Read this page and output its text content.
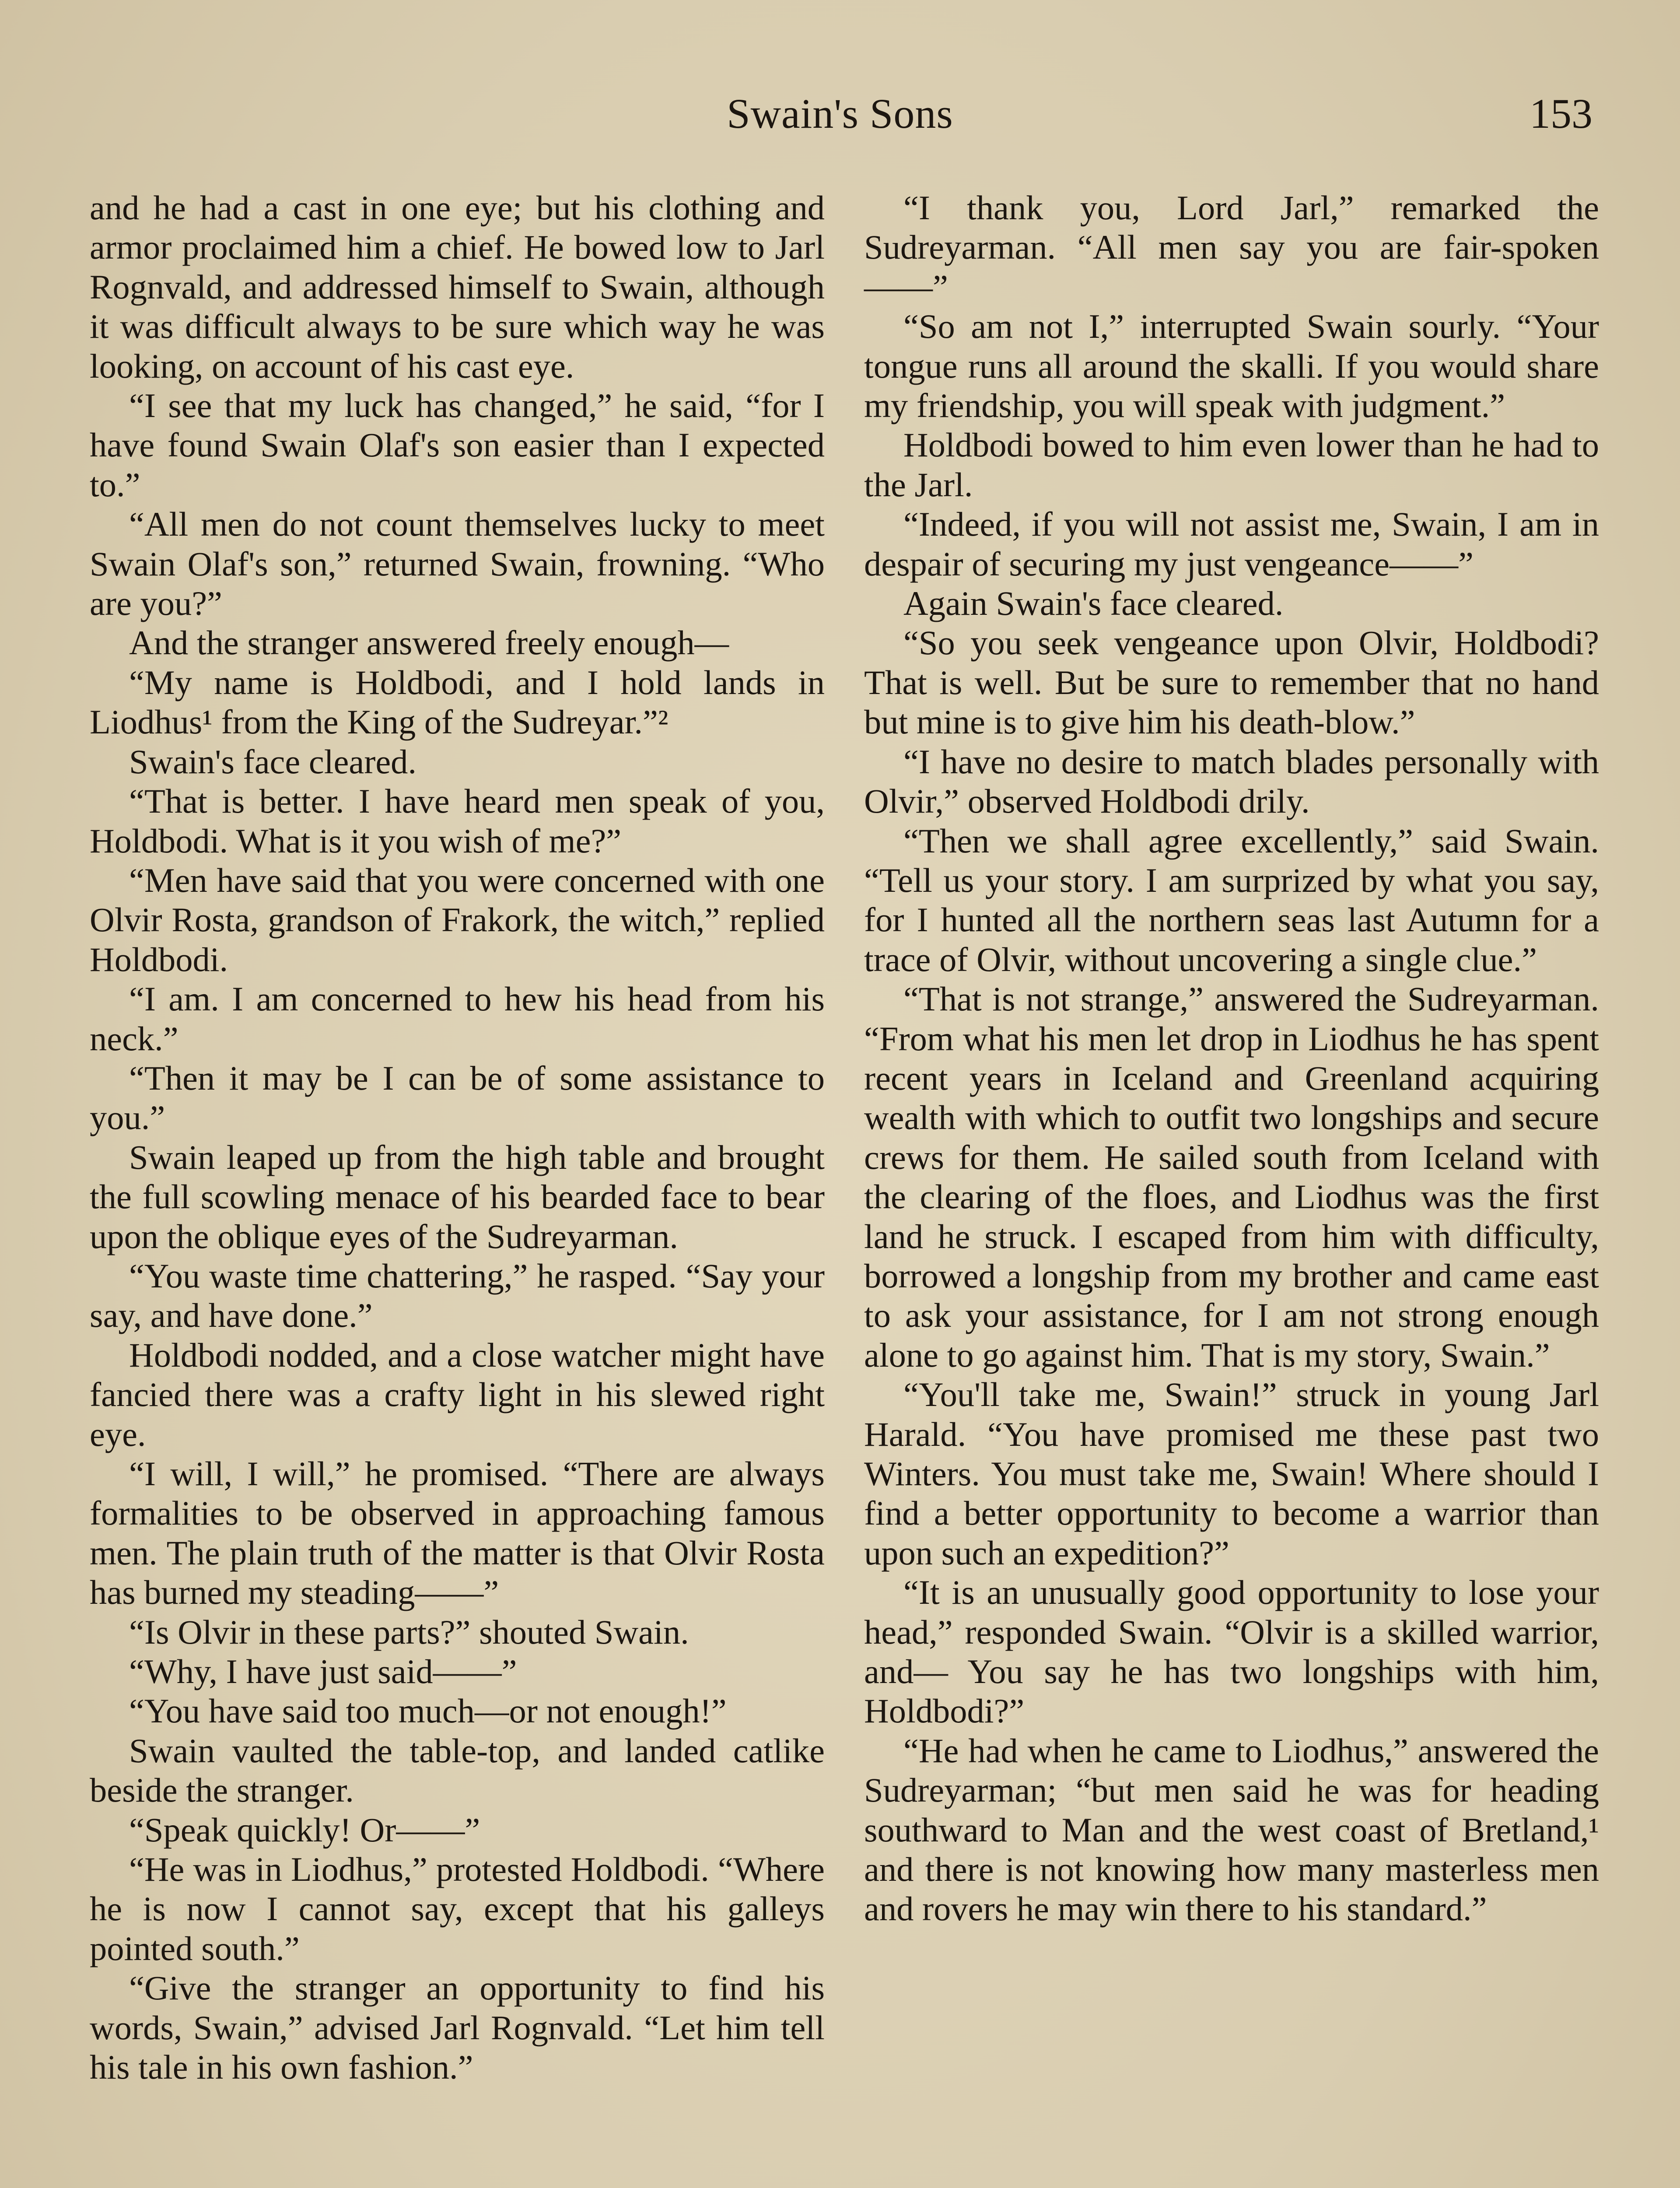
Swain's Sons	153

and he had a cast in one eye; but his clothing and armor proclaimed him a chief. He bowed low to Jarl Rognvald, and addressed himself to Swain, although it was difficult always to be sure which way he was looking, on account of his cast eye.

“I see that my luck has changed,” he said, “for I have found Swain Olaf's son easier than I expected to.”

“All men do not count themselves lucky to meet Swain Olaf's son,” returned Swain, frowning. “Who are you?”

And the stranger answered freely enough—

“My name is Holdbodi, and I hold lands in Liodhus¹ from the King of the Sudreyar.”²

Swain's face cleared.

“That is better. I have heard men speak of you, Holdbodi. What is it you wish of me?”

“Men have said that you were concerned with one Olvir Rosta, grandson of Frakork, the witch,” replied Holdbodi.

“I am. I am concerned to hew his head from his neck.”

“Then it may be I can be of some assistance to you.”

Swain leaped up from the high table and brought the full scowling menace of his bearded face to bear upon the oblique eyes of the Sudreyarman.

“You waste time chattering,” he rasped. “Say your say, and have done.”

Holdbodi nodded, and a close watcher might have fancied there was a crafty light in his slewed right eye.

“I will, I will,” he promised. “There are always formalities to be observed in approaching famous men. The plain truth of the matter is that Olvir Rosta has burned my steading——”

“Is Olvir in these parts?” shouted Swain.

“Why, I have just said——”

“You have said too much—or not enough!”

Swain vaulted the table-top, and landed catlike beside the stranger.

“Speak quickly! Or——”

“He was in Liodhus,” protested Holdbodi. “Where he is now I cannot say, except that his galleys pointed south.”

“Give the stranger an opportunity to find his words, Swain,” advised Jarl Rognvald. “Let him tell his tale in his own fashion.”

“I thank you, Lord Jarl,” remarked the Sudreyarman. “All men say you are fair-spoken——”

“So am not I,” interrupted Swain sourly. “Your tongue runs all around the skalli. If you would share my friendship, you will speak with judgment.”

Holdbodi bowed to him even lower than he had to the Jarl.

“Indeed, if you will not assist me, Swain, I am in despair of securing my just vengeance——”

Again Swain's face cleared.

“So you seek vengeance upon Olvir, Holdbodi? That is well. But be sure to remember that no hand but mine is to give him his death-blow.”

“I have no desire to match blades personally with Olvir,” observed Holdbodi drily.

“Then we shall agree excellently,” said Swain. “Tell us your story. I am surprized by what you say, for I hunted all the northern seas last Autumn for a trace of Olvir, without uncovering a single clue.”

“That is not strange,” answered the Sudreyarman. “From what his men let drop in Liodhus he has spent recent years in Iceland and Greenland acquiring wealth with which to outfit two longships and secure crews for them. He sailed south from Iceland with the clearing of the floes, and Liodhus was the first land he struck. I escaped from him with difficulty, borrowed a longship from my brother and came east to ask your assistance, for I am not strong enough alone to go against him. That is my story, Swain.”

“You'll take me, Swain!” struck in young Jarl Harald. “You have promised me these past two Winters. You must take me, Swain! Where should I find a better opportunity to become a warrior than upon such an expedition?”

“It is an unusually good opportunity to lose your head,” responded Swain. “Olvir is a skilled warrior, and— You say he has two longships with him, Holdbodi?”

“He had when he came to Liodhus,” answered the Sudreyarman; “but men said he was for heading southward to Man and the west coast of Bretland,¹ and there is not knowing how many masterless men and rovers he may win there to his standard.”
